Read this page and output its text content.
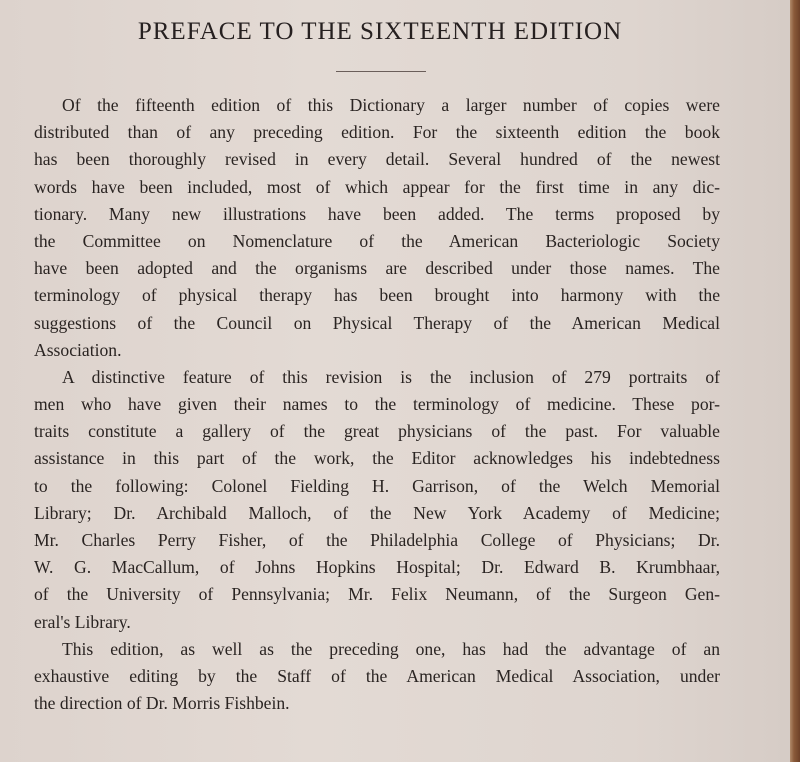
PREFACE TO THE SIXTEENTH EDITION
Of the fifteenth edition of this Dictionary a larger number of copies were
distributed than of any preceding edition. For the sixteenth edition the book
has been thoroughly revised in every detail. Several hundred of the newest
words have been included, most of which appear for the first time in any dic-
tionary. Many new illustrations have been added. The terms proposed by
the Committee on Nomenclature of the American Bacteriologic Society
have been adopted and the organisms are described under those names. The
terminology of physical therapy has been brought into harmony with the
suggestions of the Council on Physical Therapy of the American Medical
Association.
A distinctive feature of this revision is the inclusion of 279 portraits of
men who have given their names to the terminology of medicine. These por-
traits constitute a gallery of the great physicians of the past. For valuable
assistance in this part of the work, the Editor acknowledges his indebtedness
to the following: Colonel Fielding H. Garrison, of the Welch Memorial
Library; Dr. Archibald Malloch, of the New York Academy of Medicine;
Mr. Charles Perry Fisher, of the Philadelphia College of Physicians; Dr.
W. G. MacCallum, of Johns Hopkins Hospital; Dr. Edward B. Krumbhaar,
of the University of Pennsylvania; Mr. Felix Neumann, of the Surgeon Gen-
eral's Library.
This edition, as well as the preceding one, has had the advantage of an
exhaustive editing by the Staff of the American Medical Association, under
the direction of Dr. Morris Fishbein.
